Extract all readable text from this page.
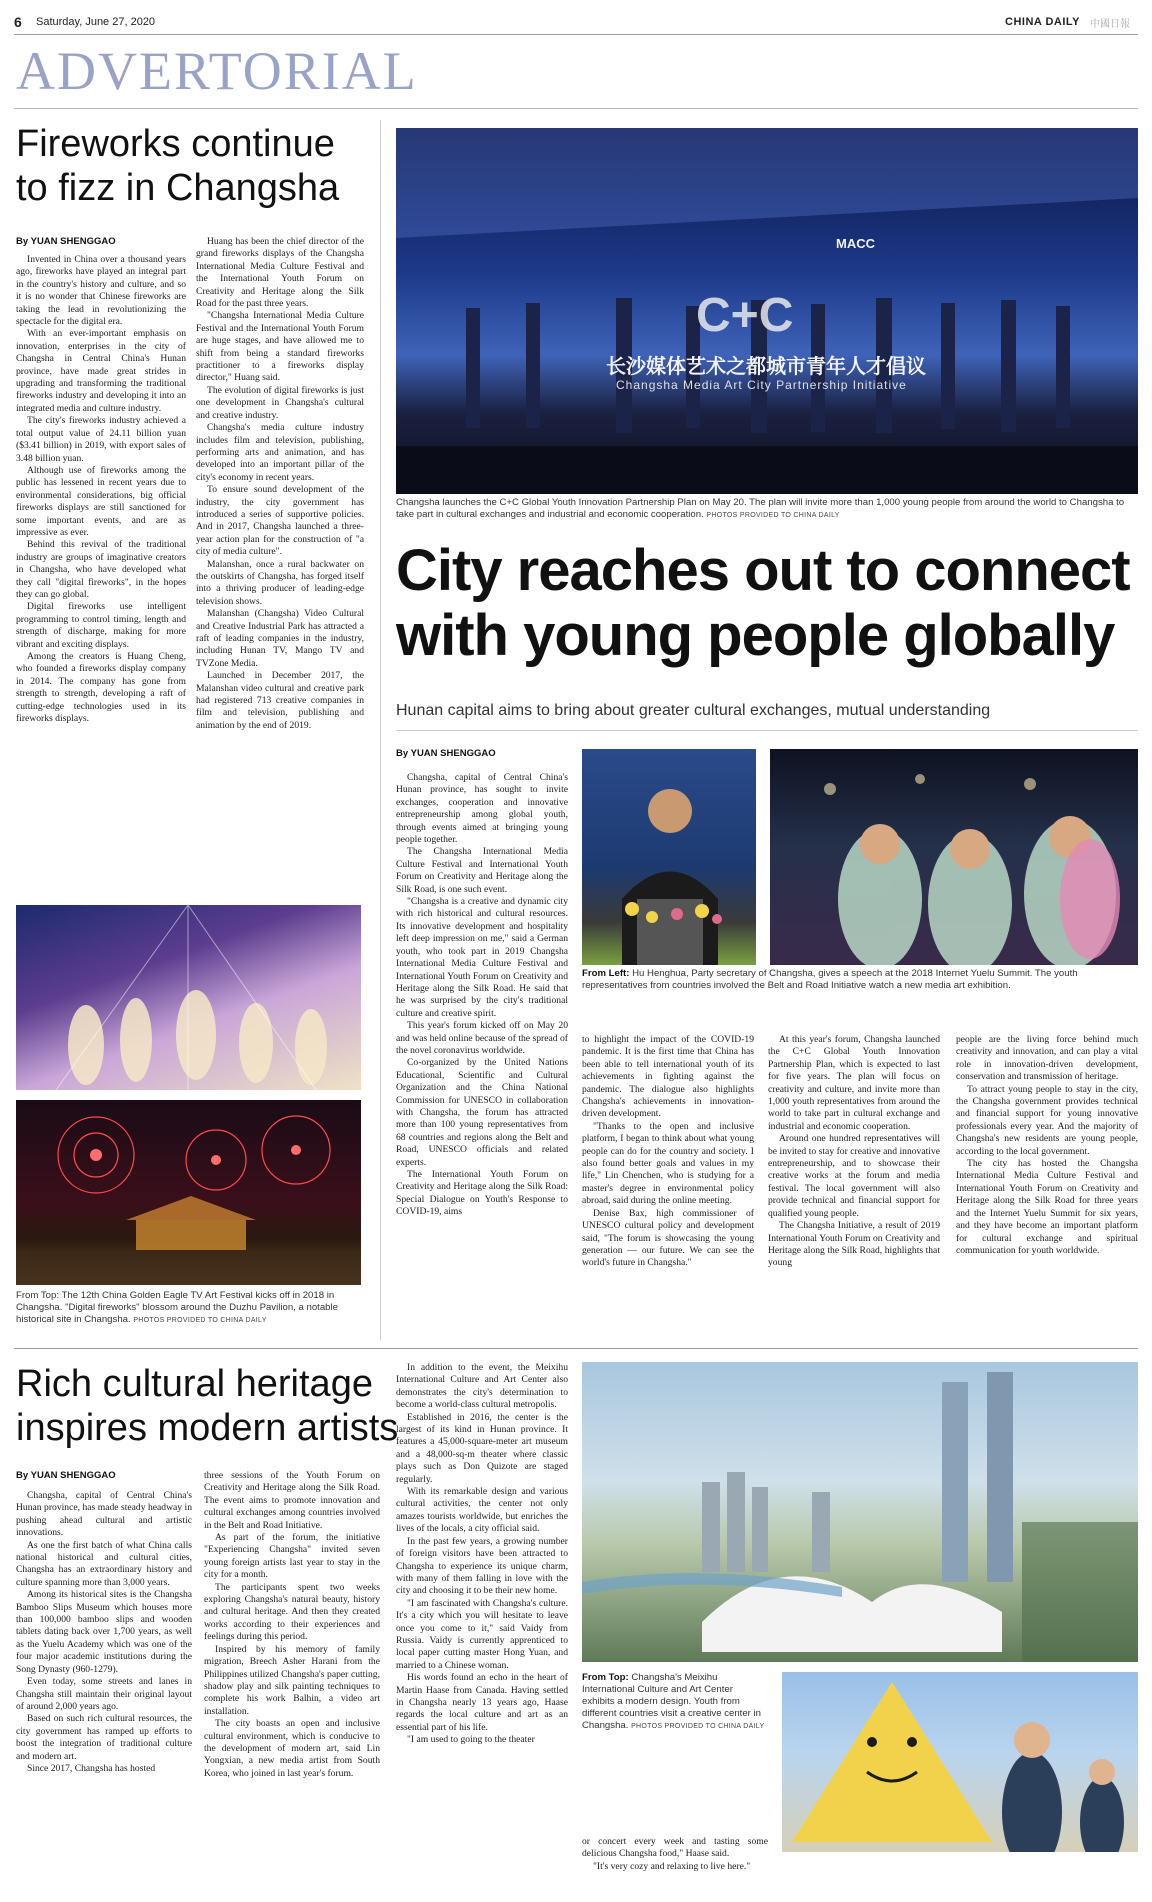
6 Saturday, June 27, 2020	CHINA DAILY 中國日報
ADVERTORIAL
Fireworks continue
to fizz in Changsha
By YUAN SHENGGAO

Invented in China over a thousand years ago, fireworks have played an integral part in the country's history and culture, and so it is no wonder that Chinese fireworks are taking the lead in revolutionizing the spectacle for the digital era.

With an ever-important emphasis on innovation, enterprises in the city of Changsha in Central China's Hunan province, have made great strides in upgrading and transforming the traditional fireworks industry and developing it into an integrated media and culture industry.

The city's fireworks industry achieved a total output value of 24.11 billion yuan ($3.41 billion) in 2019, with export sales of 3.48 billion yuan.

Although use of fireworks among the public has lessened in recent years due to environmental considerations, big official fireworks displays are still sanctioned for some important events, and are as impressive as ever.

Behind this revival of the traditional industry are groups of imaginative creators in Changsha, who have developed what they call "digital fireworks", in the hopes they can go global.

Digital fireworks use intelligent programming to control timing, length and strength of discharge, making for more vibrant and exciting displays.

Among the creators is Huang Cheng, who founded a fireworks display company in 2014. The company has gone from strength to strength, developing a raft of cutting-edge technologies used in its fireworks displays.

Huang has been the chief director of the grand fireworks displays of the Changsha International Media Culture Festival and the International Youth Forum on Creativity and Heritage along the Silk Road for the past three years.

"Changsha International Media Culture Festival and the International Youth Forum are huge stages, and have allowed me to shift from being a standard fireworks practitioner to a fireworks display director," Huang said.

The evolution of digital fireworks is just one development in Changsha's cultural and creative industry.

Changsha's media culture industry includes film and television, publishing, performing arts and animation, and has developed into an important pillar of the city's economy in recent years.

To ensure sound development of the industry, the city government has introduced a series of supportive policies. And in 2017, Changsha launched a three-year action plan for the construction of "a city of media culture".

Malanshan, once a rural backwater on the outskirts of Changsha, has forged itself into a thriving producer of leading-edge television shows.

Malanshan (Changsha) Video Cultural and Creative Industrial Park has attracted a raft of leading companies in the industry, including Hunan TV, Mango TV and TVZone Media.

Launched in December 2017, the Malanshan video cultural and creative park had registered 713 creative companies in film and television, publishing and animation by the end of 2019.

From Top: The 12th China Golden Eagle TV Art Festival kicks off in 2018 in Changsha. "Digital fireworks" blossom around the Duzhu Pavilion, a notable historical site in Changsha. PHOTOS PROVIDED TO CHINA DAILY
MACC
C+C
长沙媒体艺术之都城市青年人才倡议
Changsha Media Art City Partnership Initiative
Changsha launches the C+C Global Youth Innovation Partnership Plan on May 20. The plan will invite more than 1,000 young people from around the world to Changsha to take part in cultural exchanges and industrial and economic cooperation. PHOTOS PROVIDED TO CHINA DAILY
City reaches out to connect
with young people globally
Hunan capital aims to bring about greater cultural exchanges, mutual understanding
By YUAN SHENGGAO

Changsha, capital of Central China's Hunan province, has sought to invite exchanges, cooperation and innovative entrepreneurship among global youth, through events aimed at bringing young people together.

The Changsha International Media Culture Festival and International Youth Forum on Creativity and Heritage along the Silk Road, is one such event.

"Changsha is a creative and dynamic city with rich historical and cultural resources. Its innovative development and hospitality left deep impression on me," said a German youth, who took part in 2019 Changsha International Media Culture Festival and International Youth Forum on Creativity and Heritage along the Silk Road. He said that he was surprised by the city's traditional culture and creative spirit.

This year's forum kicked off on May 20 and was held online because of the spread of the novel coronavirus worldwide.

Co-organized by the United Nations Educational, Scientific and Cultural Organization and the China National Commission for UNESCO in collaboration with Changsha, the forum has attracted more than 100 young representatives from 68 countries and regions along the Belt and Road, UNESCO officials and related experts.

The International Youth Forum on Creativity and Heritage along the Silk Road: Special Dialogue on Youth's Response to COVID-19, aims

From Left: Hu Henghua, Party secretary of Changsha, gives a speech at the 2018 Internet Yuelu Summit. The youth representatives from countries involved the Belt and Road Initiative watch a new media art exhibition.

to highlight the impact of the COVID-19 pandemic. It is the first time that China has been able to tell international youth of its achievements in fighting against the pandemic. The dialogue also highlights Changsha's achievements in innovation-driven development.

"Thanks to the open and inclusive platform, I began to think about what young people can do for the country and society. I also found better goals and values in my life," Lin Chenchen, who is studying for a master's degree in environmental policy abroad, said during the online meeting.

Denise Bax, high commissioner of UNESCO cultural policy and development said, "The forum is showcasing the young generation — our future. We can see the world's future in Changsha."

At this year's forum, Changsha launched the C+C Global Youth Innovation Partnership Plan, which is expected to last for five years. The plan will focus on creativity and culture, and invite more than 1,000 youth representatives from around the world to take part in cultural exchange and industrial and economic cooperation.

Around one hundred representatives will be invited to stay for creative and innovative entrepreneurship, and to showcase their creative works at the forum and media festival. The local government will also provide technical and financial support for qualified young people.

The Changsha Initiative, a result of 2019 International Youth Forum on Creativity and Heritage along the Silk Road, highlights that young

people are the living force behind much creativity and innovation, and can play a vital role in innovation-driven development, conservation and transmission of heritage.

To attract young people to stay in the city, the Changsha government provides technical and financial support for young innovative professionals every year. And the majority of Changsha's new residents are young people, according to the local government.

The city has hosted the Changsha International Media Culture Festival and International Youth Forum on Creativity and Heritage along the Silk Road for three years and the Internet Yuelu Summit for six years, and they have become an important platform for cultural exchange and spiritual communication for youth worldwide.

Rich cultural heritage
inspires modern artists
By YUAN SHENGGAO

Changsha, capital of Central China's Hunan province, has made steady headway in pushing ahead cultural and artistic innovations.

As one the first batch of what China calls national historical and cultural cities, Changsha has an extraordinary history and culture spanning more than 3,000 years.

Among its historical sites is the Changsha Bamboo Slips Museum which houses more than 100,000 bamboo slips and wooden tablets dating back over 1,700 years, as well as the Yuelu Academy which was one of the four major academic institutions during the Song Dynasty (960-1279).

Even today, some streets and lanes in Changsha still maintain their original layout of around 2,000 years ago.

Based on such rich cultural resources, the city government has ramped up efforts to boost the integration of traditional culture and modern art.

Since 2017, Changsha has hosted

three sessions of the Youth Forum on Creativity and Heritage along the Silk Road. The event aims to promote innovation and cultural exchanges among countries involved in the Belt and Road Initiative.

As part of the forum, the initiative "Experiencing Changsha" invited seven young foreign artists last year to stay in the city for a month.

The participants spent two weeks exploring Changsha's natural beauty, history and cultural heritage. And then they created works according to their experiences and feelings during this period.

Inspired by his memory of family migration, Breech Asher Harani from the Philippines utilized Changsha's paper cutting, shadow play and silk painting techniques to complete his work Balhin, a video art installation.

The city boasts an open and inclusive cultural environment, which is conducive to the development of modern art, said Lin Yongxian, a new media artist from South Korea, who joined in last year's forum.

In addition to the event, the Meixihu International Culture and Art Center also demonstrates the city's determination to become a world-class cultural metropolis.

Established in 2016, the center is the largest of its kind in Hunan province. It features a 45,000-square-meter art museum and a 48,000-sq-m theater where classic plays such as Don Quizote are staged regularly.

With its remarkable design and various cultural activities, the center not only amazes tourists worldwide, but enriches the lives of the locals, a city official said.

In the past few years, a growing number of foreign visitors have been attracted to Changsha to experience its unique charm, with many of them falling in love with the city and choosing it to be their new home.

"I am fascinated with Changsha's culture. It's a city which you will hesitate to leave once you come to it," said Vaidy from Russia. Vaidy is currently apprenticed to local paper cutting master Hong Yuan, and married to a Chinese woman.

His words found an echo in the heart of Martin Haase from Canada. Having settled in Changsha nearly 13 years ago, Haase regards the local culture and art as an essential part of his life.

"I am used to going to the theater

From Top: Changsha's Meixihu International Culture and Art Center exhibits a modern design. Youth from different countries visit a creative center in Changsha. PHOTOS PROVIDED TO CHINA DAILY

or concert every week and tasting some delicious Changsha food," Haase said.

"It's very cozy and relaxing to live here."
